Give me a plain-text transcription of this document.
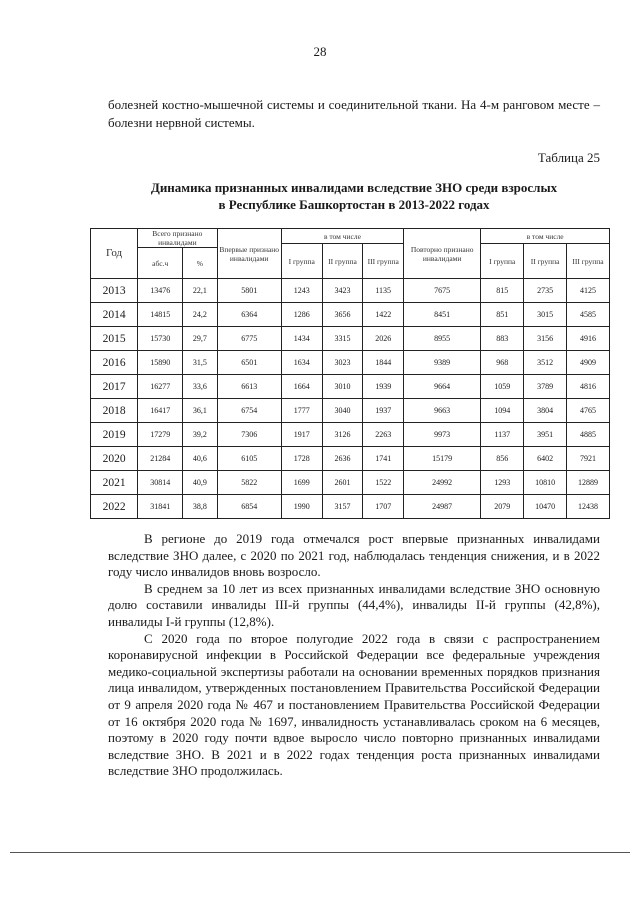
28

болезней костно-мышечной системы и соединительной ткани. На 4-м ранговом месте – болезни нервной системы.

Таблица 25
Динамика признанных инвалидами вследствие ЗНО среди взрослых
в Республике Башкортостан в 2013-2022 годах
Год	Всего признано инвалидами		Впервые признано инвалидами	в том числе			Повторно признано инвалидами	в том числе		
				I группа	II группа	III группа		I группа	II группа	III группа
	абс.ч	%								
2013	13476	22,1	5801	1243	3423	1135	7675	815	2735	4125
2014	14815	24,2	6364	1286	3656	1422	8451	851	3015	4585
2015	15730	29,7	6775	1434	3315	2026	8955	883	3156	4916
2016	15890	31,5	6501	1634	3023	1844	9389	968	3512	4909
2017	16277	33,6	6613	1664	3010	1939	9664	1059	3789	4816
2018	16417	36,1	6754	1777	3040	1937	9663	1094	3804	4765
2019	17279	39,2	7306	1917	3126	2263	9973	1137	3951	4885
2020	21284	40,6	6105	1728	2636	1741	15179	856	6402	7921
2021	30814	40,9	5822	1699	2601	1522	24992	1293	10810	12889
2022	31841	38,8	6854	1990	3157	1707	24987	2079	10470	12438

В регионе до 2019 года отмечался рост впервые признанных инвалидами вследствие ЗНО далее, с 2020 по 2021 год, наблюдалась тенденция снижения, и в 2022 году число инвалидов вновь возросло.

В среднем за 10 лет из всех признанных инвалидами вследствие ЗНО основную долю составили инвалиды III-й группы (44,4%), инвалиды II-й группы (42,8%), инвалиды I-й группы (12,8%).

С 2020 года по второе полугодие 2022 года в связи с распространением коронавирусной инфекции в Российской Федерации все федеральные учреждения медико-социальной экспертизы работали на основании временных порядков признания лица инвалидом, утвержденных постановлением Правительства Российской Федерации от 9 апреля 2020 года № 467 и постановлением Правительства Российской Федерации от 16 октября 2020 года № 1697, инвалидность устанавливалась сроком на 6 месяцев, поэтому в 2020 году почти вдвое выросло число повторно признанных инвалидами вследствие ЗНО. В 2021 и в 2022 годах тенденция роста признанных инвалидами вследствие ЗНО продолжилась.
